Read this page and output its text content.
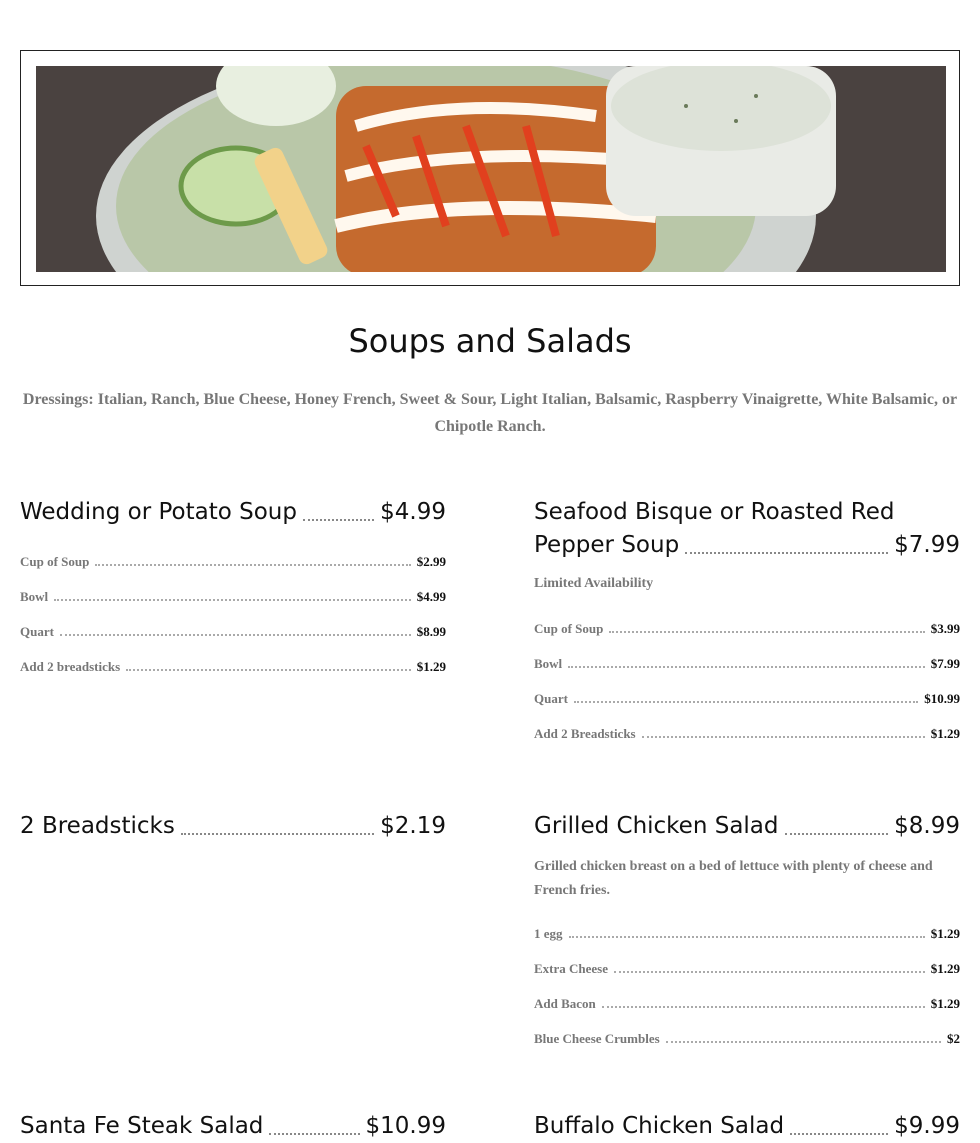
Soups and Salads

Dressings: Italian, Ranch, Blue Cheese, Honey French, Sweet & Sour, Light Italian, Balsamic, Raspberry Vinaigrette, White Balsamic, or Chipotle Ranch.

Wedding or Potato Soup	$4.99
Cup of Soup	$2.99
Bowl	$4.99
Quart	$8.99
Add 2 breadsticks	$1.29
Seafood Bisque or Roasted Red
Pepper Soup	$7.99
Limited Availability
Cup of Soup	$3.99
Bowl	$7.99
Quart	$10.99
Add 2 Breadsticks	$1.29
2 Breadsticks	$2.19	Grilled Chicken Salad	$8.99
Grilled chicken breast on a bed of lettuce with plenty of cheese and French fries.
1 egg	$1.29
Extra Cheese	$1.29
Add Bacon	$1.29
Blue Cheese Crumbles	$2
Santa Fe Steak Salad	$10.99	Buffalo Chicken Salad	$9.99
